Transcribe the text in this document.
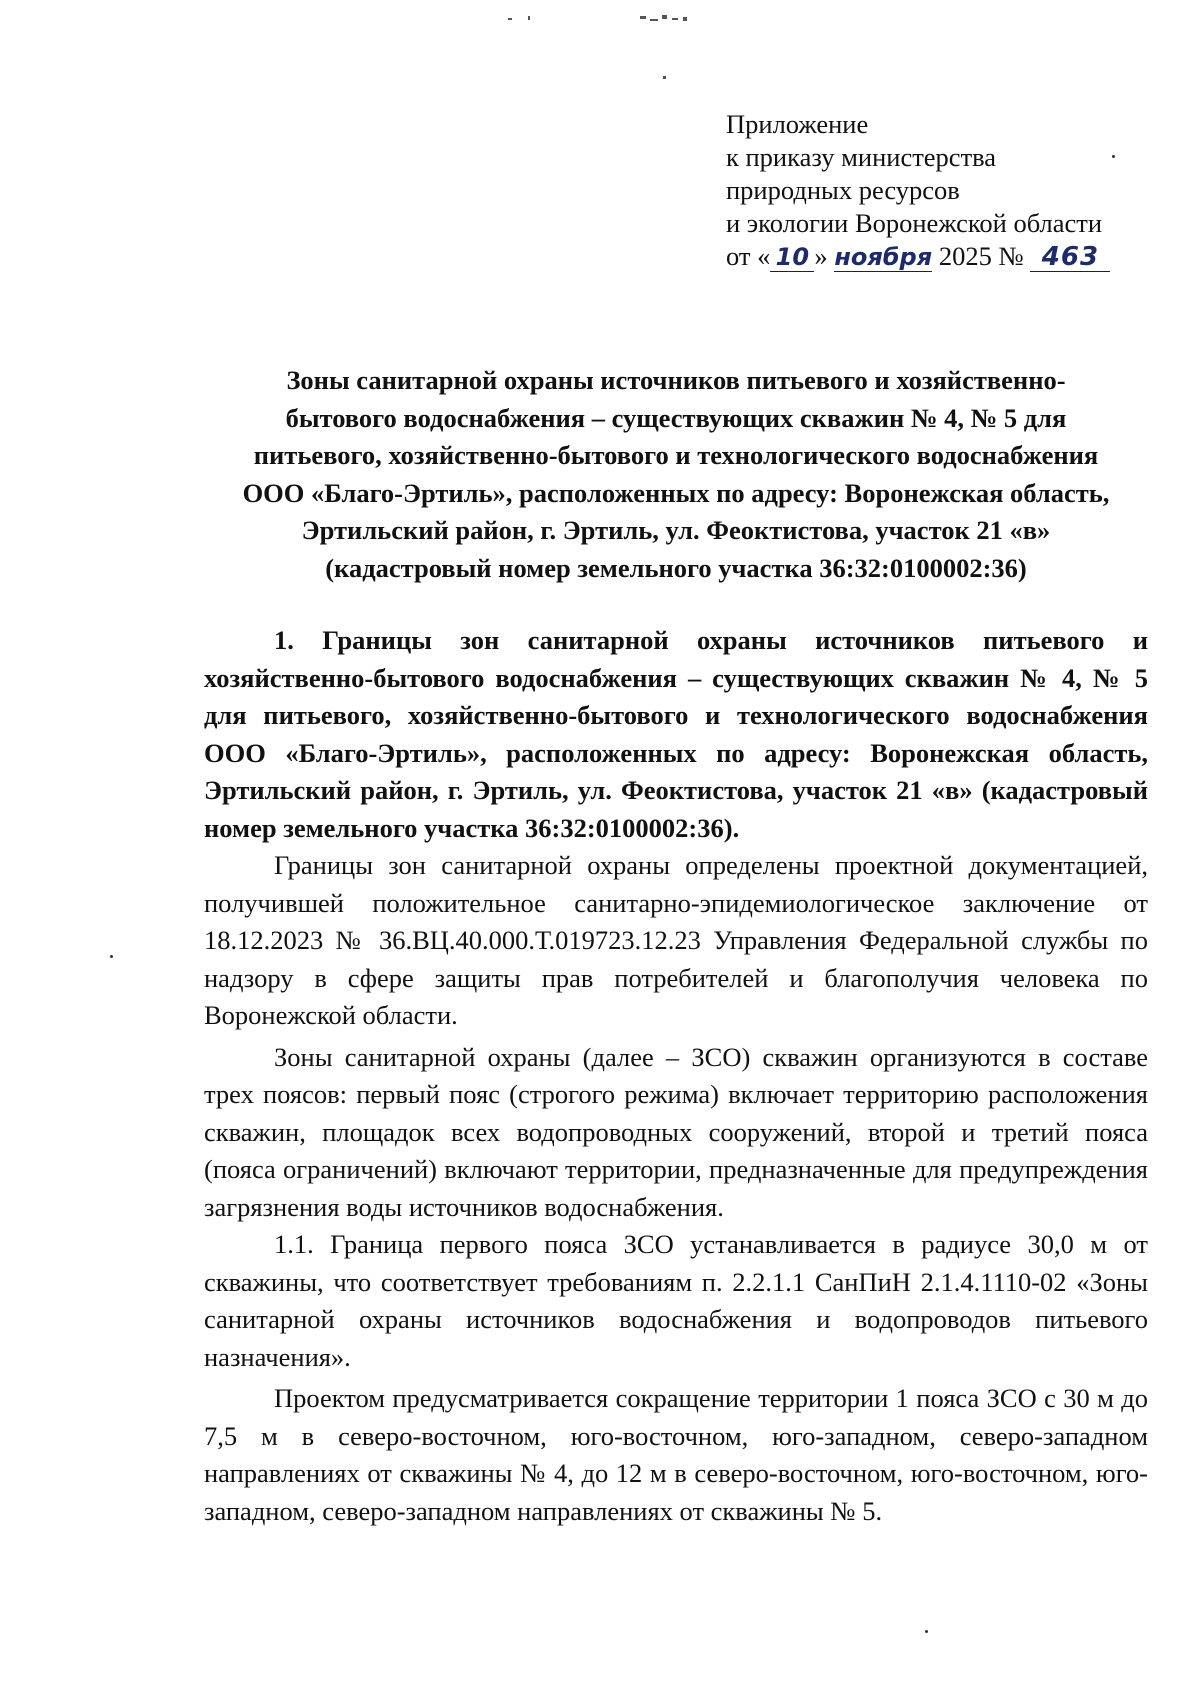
Приложение
к приказу министерства
природных ресурсов
и экологии Воронежской области
от « 10 » ноября 2025 № 463
Зоны санитарной охраны источников питьевого и хозяйственно-
бытового водоснабжения – существующих скважин № 4, № 5 для
питьевого, хозяйственно-бытового и технологического водоснабжения
ООО «Благо-Эртиль», расположенных по адресу: Воронежская область,
Эртильский район, г. Эртиль, ул. Феоктистова, участок 21 «в»
(кадастровый номер земельного участка 36:32:0100002:36)

1. Границы зон санитарной охраны источников питьевого и хозяйственно-бытового водоснабжения – существующих скважин № 4, № 5 для питьевого, хозяйственно-бытового и технологического водоснабжения ООО «Благо-Эртиль», расположенных по адресу: Воронежская область, Эртильский район, г. Эртиль, ул. Феоктистова, участок 21 «в» (кадастровый номер земельного участка 36:32:0100002:36).

Границы зон санитарной охраны определены проектной документацией, получившей положительное санитарно-эпидемиологическое заключение от 18.12.2023 № 36.ВЦ.40.000.Т.019723.12.23 Управления Федеральной службы по надзору в сфере защиты прав потребителей и благополучия человека по Воронежской области.

Зоны санитарной охраны (далее – ЗСО) скважин организуются в составе трех поясов: первый пояс (строгого режима) включает территорию расположения скважин, площадок всех водопроводных сооружений, второй и третий пояса (пояса ограничений) включают территории, предназначенные для предупреждения загрязнения воды источников водоснабжения.

1.1. Граница первого пояса ЗСО устанавливается в радиусе 30,0 м от скважины, что соответствует требованиям п. 2.2.1.1 СанПиН 2.1.4.1110-02 «Зоны санитарной охраны источников водоснабжения и водопроводов питьевого назначения».

Проектом предусматривается сокращение территории 1 пояса ЗСО с 30 м до 7,5 м в северо-восточном, юго-восточном, юго-западном, северо-западном направлениях от скважины № 4, до 12 м в северо-восточном, юго-восточном, юго-западном, северо-западном направлениях от скважины № 5.
